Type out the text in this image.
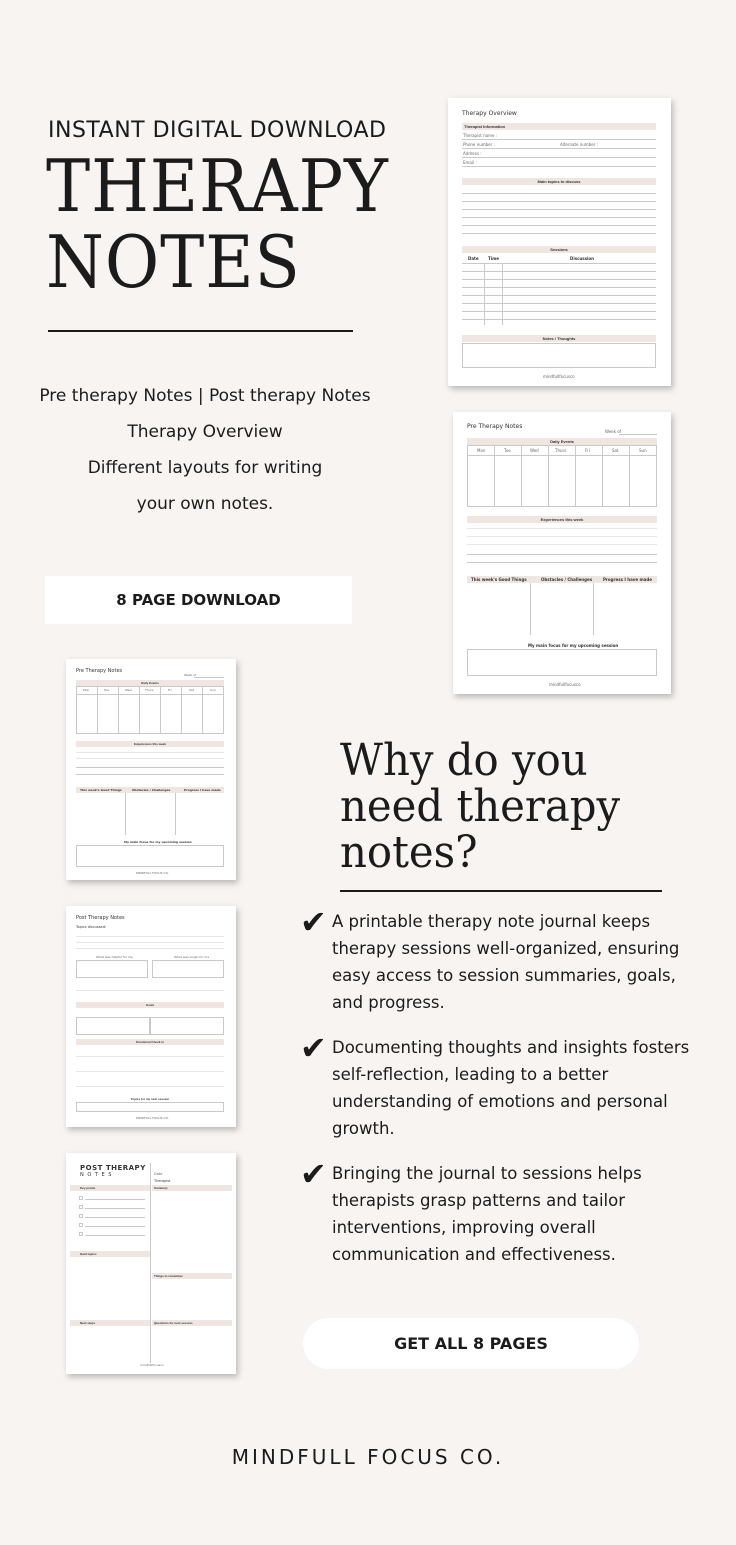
INSTANT DIGITAL DOWNLOAD
THERAPY
NOTES
Pre therapy Notes | Post therapy Notes
Therapy Overview
Different layouts for writing
your own notes.
8 PAGE DOWNLOAD
Therapy Overview
Therapist Information
Therapist name :
Phone number :	Alternate number :
Address :
Email :
Main topics to discuss
Sessions
Date Time	Discussion
Notes / Thoughts
mindfullfocusco
Pre Therapy Notes
Week of
Daily Events
Mon	Tue	Wed	Thurs	Fri	Sat	Sun
Experiences this week
This week's Good Things	Obstacles / Challenges	Progress I have made
My main focus for my upcoming session
mindfullfocusco
Pre Therapy Notes
Week of
Daily Events
Mon	Tue	Wed	Thurs	Fri	Sat	Sun
Experiences this week
This week's Good Things	Obstacles / Challenges	Progress I have made
My main focus for my upcoming session
MINDFULL FOCUS CO.
Post Therapy Notes
Topics discussed:
What was helpful for me	What was tough for me
Goals
Emotional Check in
Topics for my next session
MINDFULL FOCUS CO.
POST THERAPY
N O T E S	Date
Therapist
Summary
Key points
Hard topics
Things to remember
Next steps	Questions for next session
mindfullfocusco
Why do you
need therapy
notes?
✔ A printable therapy note journal keeps therapy sessions well-organized, ensuring easy access to session summaries, goals, and progress.
✔ Documenting thoughts and insights fosters self-reflection, leading to a better understanding of emotions and personal growth.
✔ Bringing the journal to sessions helps therapists grasp patterns and tailor interventions, improving overall communication and effectiveness.
GET ALL 8 PAGES
MINDFULL FOCUS CO.
